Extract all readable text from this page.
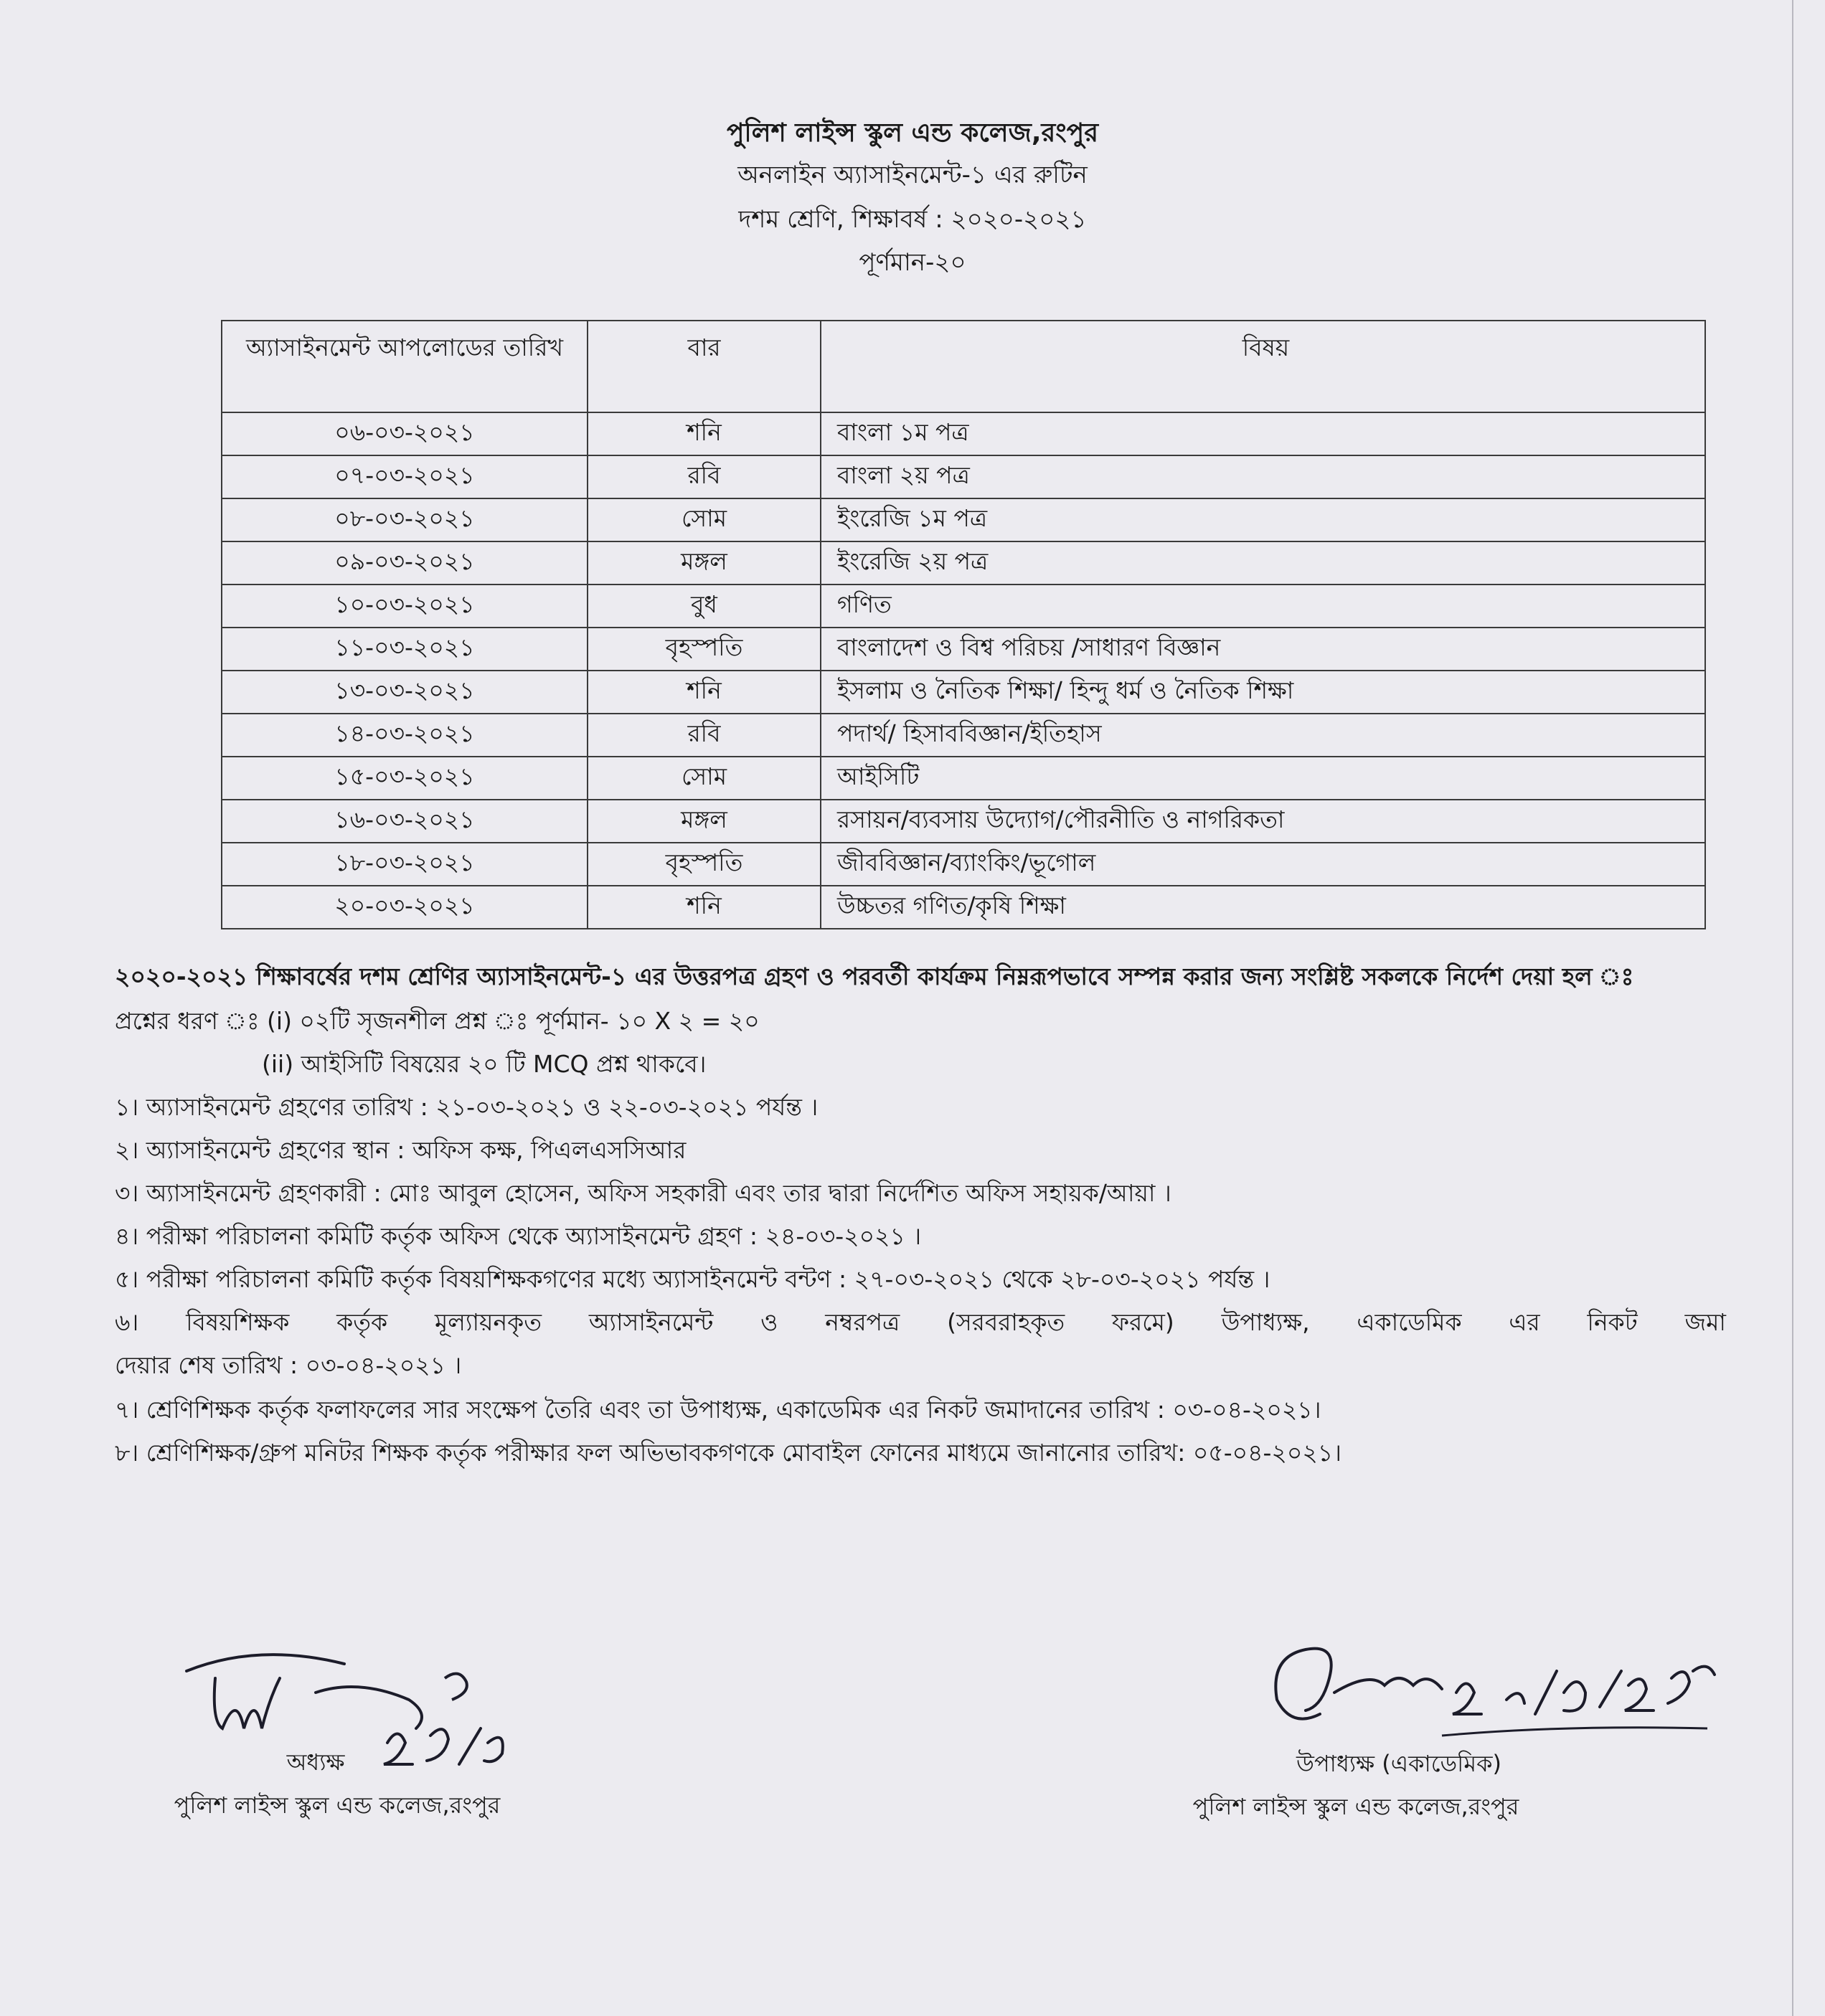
পুলিশ লাইন্স স্কুল এন্ড কলেজ,রংপুর
অনলাইন অ্যাসাইনমেন্ট-১ এর রুটিন
দশম শ্রেণি, শিক্ষাবর্ষ : ২০২০-২০২১
পূর্ণমান-২০
অ্যাসাইনমেন্ট আপলোডের তারিখ	বার	বিষয়
০৬-০৩-২০২১	শনি	বাংলা ১ম পত্র
০৭-০৩-২০২১	রবি	বাংলা ২য় পত্র
০৮-০৩-২০২১	সোম	ইংরেজি ১ম পত্র
০৯-০৩-২০২১	মঙ্গল	ইংরেজি ২য় পত্র
১০-০৩-২০২১	বুধ	গণিত
১১-০৩-২০২১	বৃহস্পতি	বাংলাদেশ ও বিশ্ব পরিচয় /সাধারণ বিজ্ঞান
১৩-০৩-২০২১	শনি	ইসলাম ও নৈতিক শিক্ষা/ হিন্দু ধর্ম ও নৈতিক শিক্ষা
১৪-০৩-২০২১	রবি	পদার্থ/ হিসাববিজ্ঞান/ইতিহাস
১৫-০৩-২০২১	সোম	আইসিটি
১৬-০৩-২০২১	মঙ্গল	রসায়ন/ব্যবসায় উদ্যোগ/পৌরনীতি ও নাগরিকতা
১৮-০৩-২০২১	বৃহস্পতি	জীববিজ্ঞান/ব্যাংকিং/ভূগোল
২০-০৩-২০২১	শনি	উচ্চতর গণিত/কৃষি শিক্ষা
২০২০-২০২১ শিক্ষাবর্ষের দশম শ্রেণির অ্যাসাইনমেন্ট-১ এর উত্তরপত্র গ্রহণ ও পরবর্তী কার্যক্রম নিম্নরূপভাবে সম্পন্ন করার জন্য সংশ্লিষ্ট সকলকে নির্দেশ দেয়া হল ঃ
প্রশ্নের ধরণ ঃ (i) ০২টি সৃজনশীল প্রশ্ন ঃ পূর্ণমান- ১০ X ২ = ২০
(ii) আইসিটি বিষয়ের ২০ টি MCQ প্রশ্ন থাকবে।
১। অ্যাসাইনমেন্ট গ্রহণের তারিখ : ২১-০৩-২০২১ ও ২২-০৩-২০২১ পর্যন্ত ।
২। অ্যাসাইনমেন্ট গ্রহণের স্থান : অফিস কক্ষ, পিএলএসসিআর
৩। অ্যাসাইনমেন্ট গ্রহণকারী : মোঃ আবুল হোসেন, অফিস সহকারী এবং তার দ্বারা নির্দেশিত অফিস সহায়ক/আয়া ।
৪। পরীক্ষা পরিচালনা কমিটি কর্তৃক অফিস থেকে অ্যাসাইনমেন্ট গ্রহণ : ২৪-০৩-২০২১ ।
৫। পরীক্ষা পরিচালনা কমিটি কর্তৃক বিষয়শিক্ষকগণের মধ্যে অ্যাসাইনমেন্ট বন্টণ : ২৭-০৩-২০২১ থেকে ২৮-০৩-২০২১ পর্যন্ত ।
৬। বিষয়শিক্ষক কর্তৃক মূল্যায়নকৃত অ্যাসাইনমেন্ট ও নম্বরপত্র (সরবরাহকৃত ফরমে) উপাধ্যক্ষ, একাডেমিক এর নিকট জমা
দেয়ার শেষ তারিখ : ০৩-০৪-২০২১ ।
৭। শ্রেণিশিক্ষক কর্তৃক ফলাফলের সার সংক্ষেপ তৈরি এবং তা উপাধ্যক্ষ, একাডেমিক এর নিকট জমাদানের তারিখ : ০৩-০৪-২০২১।
৮। শ্রেণিশিক্ষক/গ্রুপ মনিটর শিক্ষক কর্তৃক পরীক্ষার ফল অভিভাবকগণকে মোবাইল ফোনের মাধ্যমে জানানোর তারিখ: ০৫-০৪-২০২১।
অধ্যক্ষ
পুলিশ লাইন্স স্কুল এন্ড কলেজ,রংপুর
উপাধ্যক্ষ (একাডেমিক)
পুলিশ লাইন্স স্কুল এন্ড কলেজ,রংপুর
